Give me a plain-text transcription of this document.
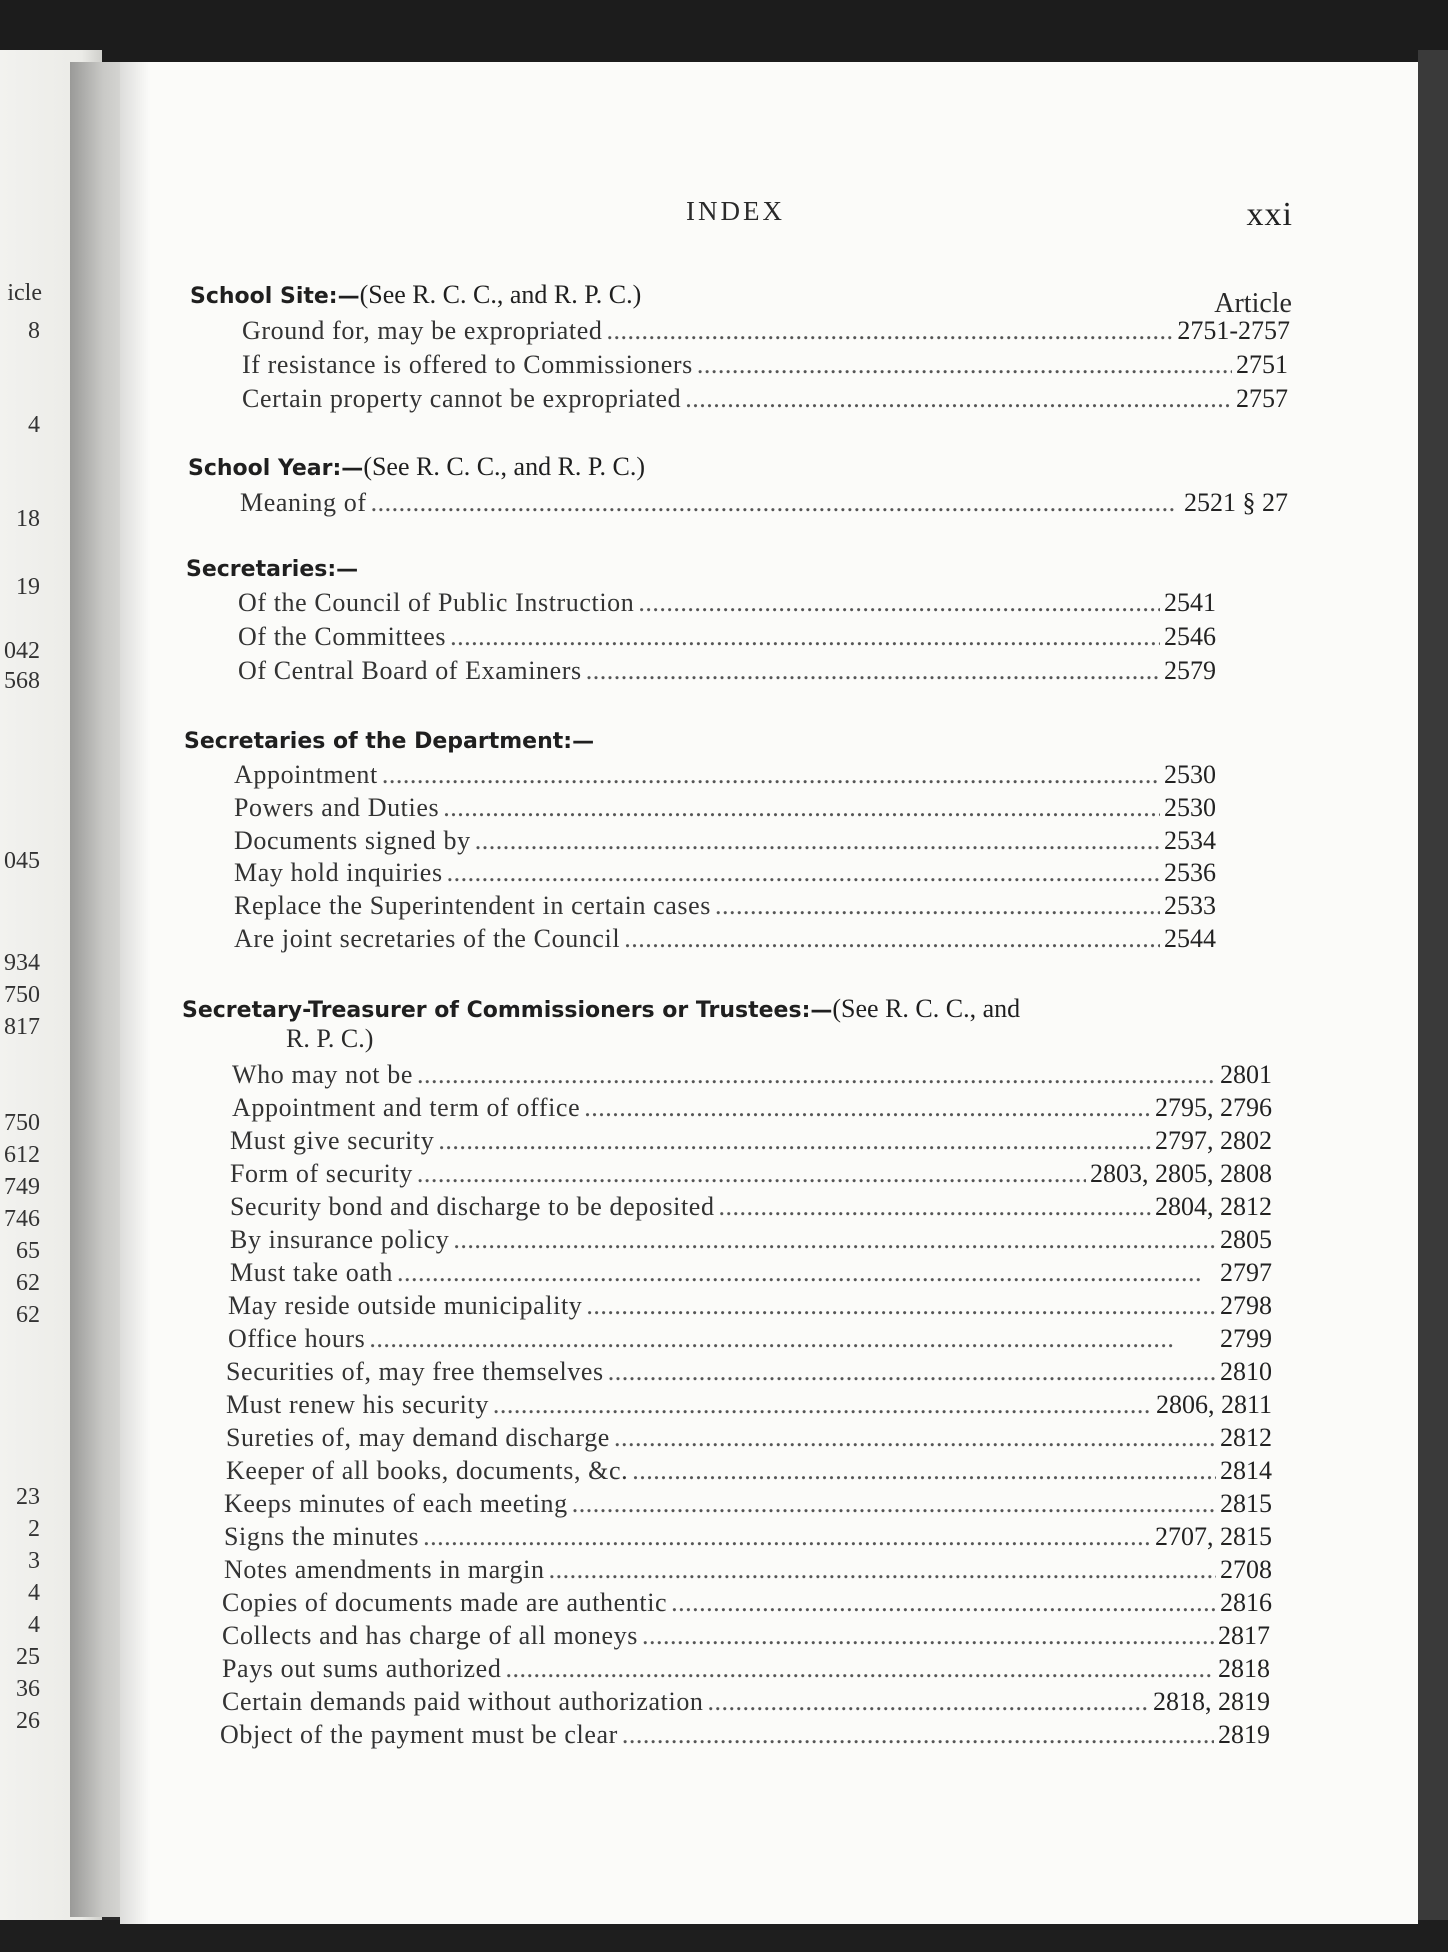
icle
8
4
18
19
042
568
045
934
750
817
750
612
749
746
65
62
62
23
2
3
4
4
25
36
26
INDEX	xxi
Article
School Site:—(See R. C. C., and R. P. C.)
Ground for, may be expropriated . . .	2751-2757
If resistance is offered to Commissioners . . .	2751
Certain property cannot be expropriated . . .	2757
School Year:—(See R. C. C., and R. P. C.)
Meaning of . . .	2521 § 27
Secretaries:—
Of the Council of Public Instruction . . .	2541
Of the Committees . . .	2546
Of Central Board of Examiners . . .	2579
Secretaries of the Department:—
Appointment . . .	2530
Powers and Duties . . .	2530
Documents signed by . . .	2534
May hold inquiries . . .	2536
Replace the Superintendent in certain cases . . .	2533
Are joint secretaries of the Council . . .	2544
Secretary-Treasurer of Commissioners or Trustees:—(See R. C. C., and
R. P. C.)
Who may not be . . .	2801
Appointment and term of office . . .	2795, 2796
Must give security . . .	2797, 2802
Form of security . . .	2803, 2805, 2808
Security bond and discharge to be deposited . . .	2804, 2812
By insurance policy . . .	2805
Must take oath . . .	2797
May reside outside municipality . . .	2798
Office hours . . .	2799
Securities of, may free themselves . . .	2810
Must renew his security . . .	2806, 2811
Sureties of, may demand discharge . . .	2812
Keeper of all books, documents, &c. . . .	2814
Keeps minutes of each meeting . . .	2815
Signs the minutes . . .	2707, 2815
Notes amendments in margin . . .	2708
Copies of documents made are authentic . . .	2816
Collects and has charge of all moneys . . .	2817
Pays out sums authorized . . .	2818
Certain demands paid without authorization . . .	2818, 2819
Object of the payment must be clear . . .	2819
